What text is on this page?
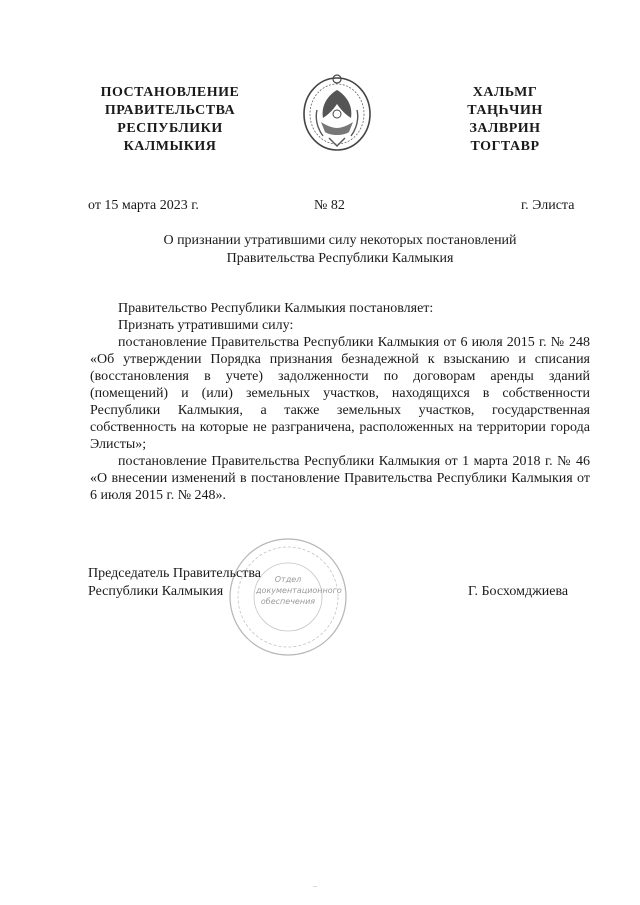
ПОСТАНОВЛЕНИЕ
ПРАВИТЕЛЬСТВА
РЕСПУБЛИКИ
КАЛМЫКИЯ
ХАЛЬМГ
ТАҢҺЧИН
ЗАЛВРИН
ТОГТАВР
от 15 марта 2023 г.	№ 82	г. Элиста
О признании утратившими силу некоторых постановлений
Правительства Республики Калмыкия

Правительство Республики Калмыкия постановляет:

Признать утратившими силу:

постановление Правительства Республики Калмыкия от 6 июля 2015 г. № 248 «Об утверждении Порядка признания безнадежной к взысканию и списания (восстановления в учете) задолженности по договорам аренды зданий (помещений) и (или) земельных участков, находящихся в собственности Республики Калмыкия, а также земельных участков, государственная собственность на которые не разграничена, расположенных на территории города Элисты»;

постановление Правительства Республики Калмыкия от 1 марта 2018 г. № 46 «О внесении изменений в постановление Правительства Республики Калмыкия от 6 июля 2015 г. № 248».

Отдел
документационного
обеспечения
Председатель Правительства
Республики Калмыкия	Г. Босхомджиева
..
